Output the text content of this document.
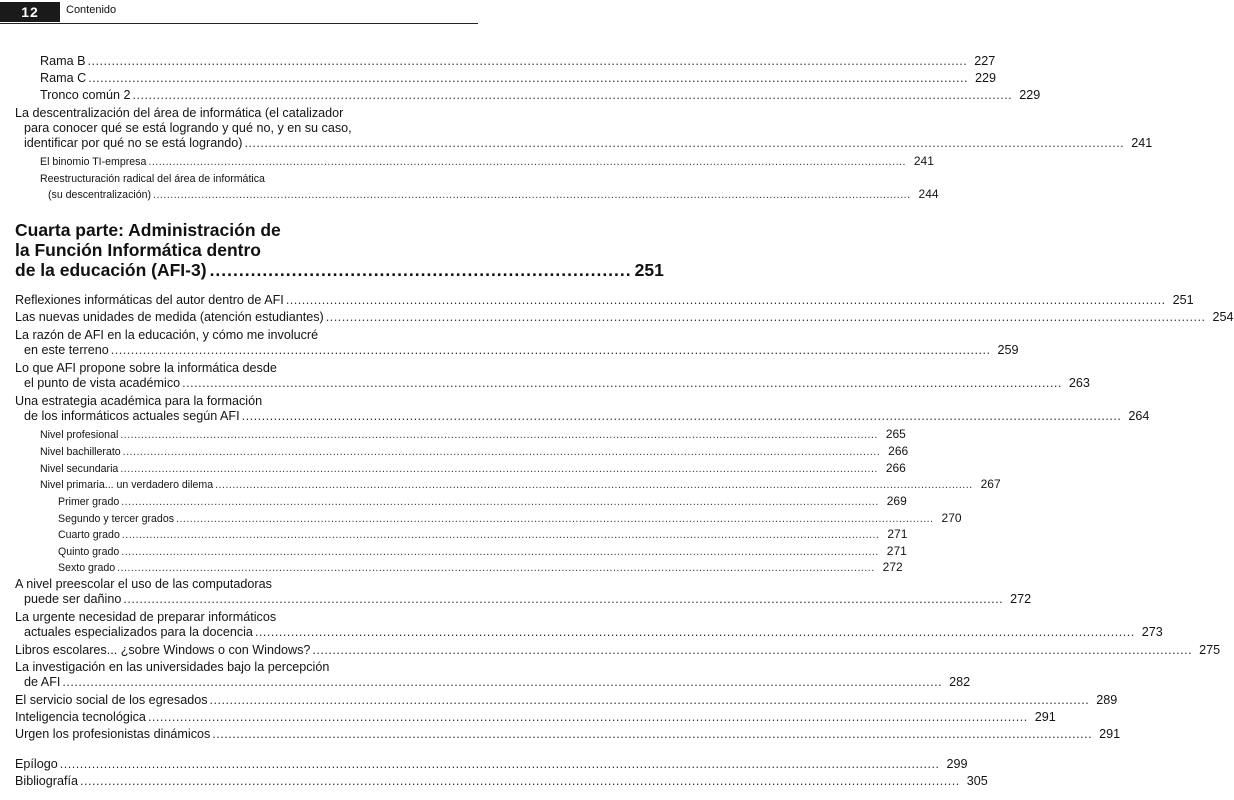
12	Contenido
Cuarta parte: Administración de
la Función Informática dentro
de la educación (AFI-3) ........................................................................ 251
Rama B ............................................................................................................................................................................................................................ 227
Rama C ............................................................................................................................................................................................................................ 229
Tronco común 2 ............................................................................................................................................................................................................................ 229
La descentralización del área de informática (el catalizador
para conocer qué se está logrando y qué no, y en su caso,
identificar por qué no se está logrando) ............................................................................................................................................................................................................................ 241
El binomio TI-empresa ............................................................................................................................................................................................................................ 241
Reestructuración radical del área de informática
(su descentralización) ............................................................................................................................................................................................................................ 244
Reflexiones informáticas del autor dentro de AFI ............................................................................................................................................................................................................................ 251
Las nuevas unidades de medida (atención estudiantes) ............................................................................................................................................................................................................................ 254
La razón de AFI en la educación, y cómo me involucré
en este terreno ............................................................................................................................................................................................................................ 259
Lo que AFI propone sobre la informática desde
el punto de vista académico ............................................................................................................................................................................................................................ 263
Una estrategia académica para la formación
de los informáticos actuales según AFI ............................................................................................................................................................................................................................ 264
Nivel profesional ............................................................................................................................................................................................................................ 265
Nivel bachillerato ............................................................................................................................................................................................................................ 266
Nivel secundaria ............................................................................................................................................................................................................................ 266
Nivel primaria... un verdadero dilema ............................................................................................................................................................................................................................ 267
Primer grado ............................................................................................................................................................................................................................ 269
Segundo y tercer grados ............................................................................................................................................................................................................................ 270
Cuarto grado ............................................................................................................................................................................................................................ 271
Quinto grado ............................................................................................................................................................................................................................ 271
Sexto grado ............................................................................................................................................................................................................................ 272
A nivel preescolar el uso de las computadoras
puede ser dañino ............................................................................................................................................................................................................................ 272
La urgente necesidad de preparar informáticos
actuales especializados para la docencia ............................................................................................................................................................................................................................ 273
Libros escolares... ¿sobre Windows o con Windows? ............................................................................................................................................................................................................................ 275
La investigación en las universidades bajo la percepción
de AFI ............................................................................................................................................................................................................................ 282
El servicio social de los egresados ............................................................................................................................................................................................................................ 289
Inteligencia tecnológica ............................................................................................................................................................................................................................ 291
Urgen los profesionistas dinámicos ............................................................................................................................................................................................................................ 291
Epílogo ............................................................................................................................................................................................................................ 299
Bibliografía ............................................................................................................................................................................................................................ 305
